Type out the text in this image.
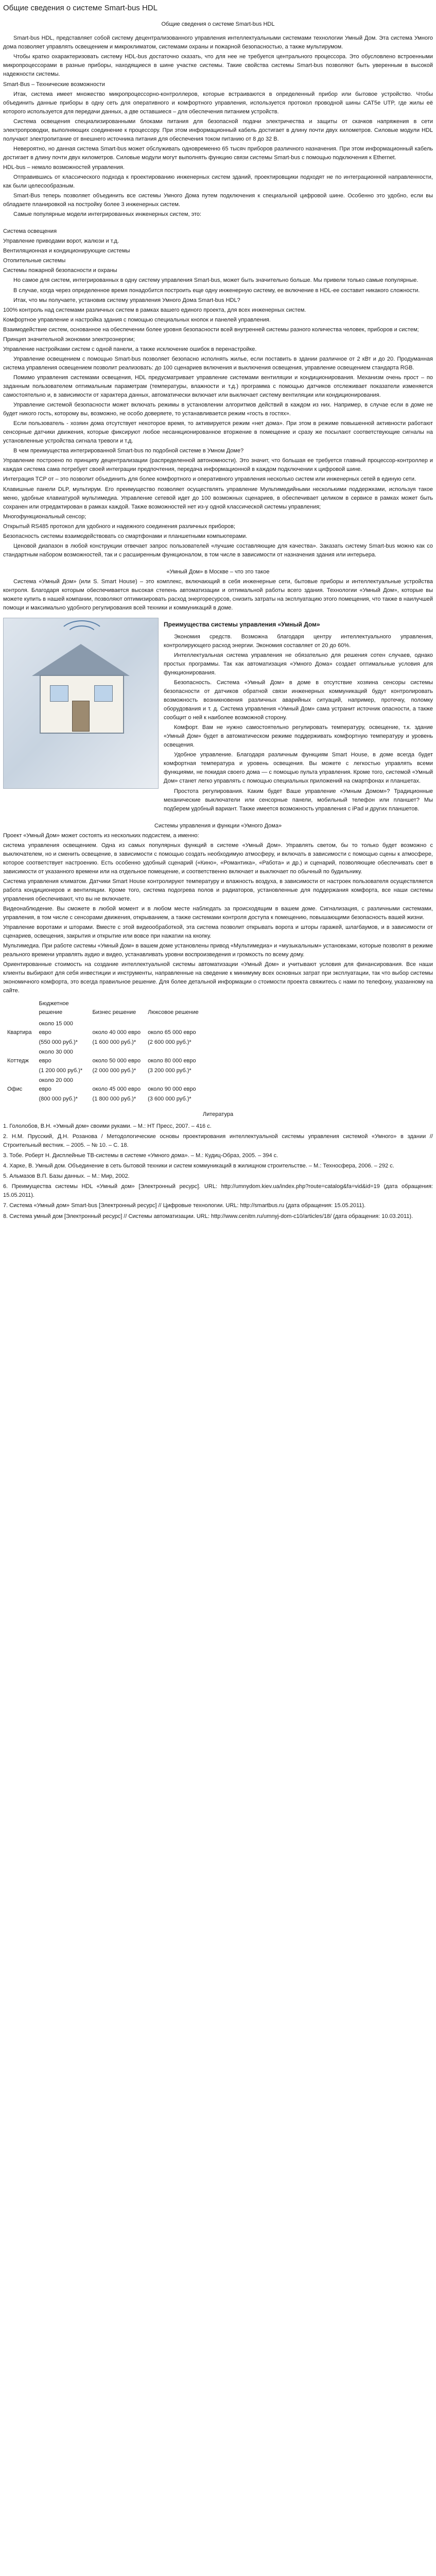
Общие сведения о системе Smart-bus HDL

Общие сведения о системе Smart-bus HDL

Smart-bus HDL, представляет собой систему децентрализованного управления интеллектуальными системами технологии Умный Дом. Эта система Умного дома позволяет управлять освещением и микроклиматом, системами охраны и пожарной безопасностью, а также мультирумом.

Чтобы кратко охарактеризовать систему HDL-bus достаточно сказать, что для нее не требуется центрального процессора. Это обусловлено встроенными микропроцессорами в разные приборы, находящиеся в шине участке системы. Такие свойства системы Smart-bus позволяют быть уверенным в высокой надежности системы.

Smart-Bus – Технические возможности

Итак, система имеет множество микропроцессорно-контроллеров, которые встраиваются в определенный прибор или бытовое устройство. Чтобы объединить данные приборы в одну сеть для оперативного и комфортного управления, используется протокол проводной шины CAT5e UTP, где жилы её которого используется для передачи данных, а две оставшиеся – для обеспечения питанием устройств.

Система освещения специализированными блоками питания для безопасной подачи электричества и защиты от скачков напряжения в сети электропроводки, выполняющих соединение к процессору. При этом информационный кабель достигает в длину почти двух километров. Силовые модули HDL получают электропитание от внешнего источника питания для обеспечения током питанию от 8 до 32 В.

Невероятно, но данная система Smart-bus может обслуживать одновременно 65 тысяч приборов различного назначения. При этом информационный кабель достигает в длину почти двух километров. Силовые модули могут выполнять функцию связи системы Smart-bus с помощью подключения к Ethernet.

HDL-bus – немало возможностей управления.

Отправившись от классического подхода к проектированию инженерных систем зданий, проектировщики подходят не по интеграционной направленности, как были целесообразным.

Smart-Bus теперь позволяет объединить все системы Умного Дома путем подключения к специальной цифровой шине. Особенно это удобно, если вы обладаете планировкой на постройку более 3 инженерных систем.

Самые популярные модели интегрированных инженерных систем, это:

Система освещения

Управление приводами ворот, жалюзи и т.д.

Вентиляционная и кондиционирующие системы

Отопительные системы

Системы пожарной безопасности и охраны

Но самое для систем, интегрированных в одну систему управления Smart-bus, может быть значительно больше. Мы привели только самые популярные.

В случае, когда через определенное время понадобится построить еще одну инженерную систему, ее включение в HDL-ее составит никакого сложности.

Итак, что мы получаете, установив систему управления Умного Дома Smart-bus HDL?

100% контроль над системами различных систем в рамках вашего единого проекта, для всех инженерных систем.

Комфортное управление и настройка здания с помощью специальных кнопок и панелей управления.

Взаимодействие систем, основанное на обеспечении более уровня безопасности всей внутренней системы разного количества человек, приборов и систем;

Принцип значительной экономии электроэнергии;

Управление настройками систем с одной панели, а также исключение ошибок в перенастройке.

Управление освещением с помощью Smart-bus позволяет безопасно исполнять жилье, если поставить в здании различное от 2 кВт и до 20. Продуманная система управления освещением позволит реализовать: до 100 сценариев включения и выключения освещения, управление освещением стандарта RGB.

Помимо управления системами освещения, HDL предусматривает управление системами вентиляции и кондиционирования. Механизм очень прост – по заданным пользователем оптимальным параметрам (температуры, влажности и т.д.) программа с помощью датчиков отслеживает показатели изменяется самостоятельно и, в зависимости от характера данных, автоматически включает или выключает систему вентиляции или кондиционирования.

Управление системой безопасности может включать режимы в установлении алгоритмов действий в каждом из них. Например, в случае если в доме не будет никого гость, которому вы, возможно, не особо доверяете, то устанавливается режим «гость в гостях».

Если пользователь - хозяин дома отсутствует некоторое время, то активируется режим «нет дома». При этом в режиме повышенной активности работают сенсорные датчики движения, которые фиксируют любое несанкционированное вторжение в помещение и сразу же посылают соответствующие сигналы на установленные устройства сигнала тревоги и т.д.

В чем преимущества интегрированной Smart-bus по подобной системе в Умном Доме?

Управление построено по принципу децентрализации (распределенной автономности). Это значит, что большая ее требуется главный процессор-контроллер и каждая система сама потребует своей интеграции предпочтения, передача информационной в каждом подключении к цифровой шине.

Интеграция TCP от – это позволит объединить для более комфортного и оперативного управления несколько систем или инженерных сетей в единую сети.

Клавишные панели DLP, мультирум. Его преимущество позволяет осуществлять управление Мультимедийными несколькими поддержками, используя такое меню, удобные клавиатурой мультимедиа. Управление сетевой идет до 100 возможных сценариев, в обеспечивает целиком в сервисе в рамках может быть сохранен или отредактирован в рамках каждой. Также возможностей нет из-у одной классической системы управления;

Многофункциональный сенсор;

Открытый RS485 протокол для удобного и надежного соединения различных приборов;

Безопасность системы взаимодействовать со смартфонами и планшетными компьютерами.

Ценовой диапазон в любой конструкции отвечает запрос пользователей «лучшие составляющие для качества». Заказать систему Smart-bus можно как со стандартным набором возможностей, так и с расширенным функционалом, в том числе в зависимости от назначения здания или интерьера.

«Умный Дом» в Москве – что это такое

Система «Умный Дом» (или S. Smart House) – это комплекс, включающий в себя инженерные сети, бытовые приборы и интеллектуальные устройства контроля. Благодаря которым обеспечивается высокая степень автоматизации и оптимальной работы всего здания. Технологии «Умный Дом», которые вы можете купить в нашей компании, позволяют оптимизировать расход энергоресурсов, снизить затраты на эксплуатацию этого помещения, что также в наилучшей помощи и максимально удобного регулирования всей техники и коммуникаций в доме.

Преимущества системы управления «Умный Дом»

Экономия средств. Возможна благодаря центру интеллектуального управления, контролирующего расход энергии. Экономия составляет от 20 до 60%.

Интеллектуальная система управления не обязательно для решения сотен случаев, однако простых программы. Так как автоматизация «Умного Дома» создает оптимальные условия для функционирования.

Безопасность. Система «Умный Дом» в доме в отсутствие хозяина сенсоры системы безопасности от датчиков обратной связи инженерных коммуникаций будут контролировать возможность возникновения различных аварийных ситуаций, например, протечку, поломку оборудования и т. д. Система управления «Умный Дом» сама устранит источник опасности, а также сообщит о ней к наиболее возможной сторону.

Комфорт. Вам не нужно самостоятельно регулировать температуру, освещение, т.к. здание «Умный Дом» будет в автоматическом режиме поддерживать комфортную температуру и уровень освещения.

Удобное управление. Благодаря различным функциям Smart House, в доме всегда будет комфортная температура и уровень освещения. Вы можете с легкостью управлять всеми функциями, не покидая своего дома — с помощью пульта управления. Кроме того, системой «Умный Дом» станет легко управлять с помощью специальных приложений на смартфонах и планшетах.

Простота регулирования. Каким будет Ваше управление «Умным Домом»? Традиционные механические выключатели или сенсорные панели, мобильный телефон или планшет? Мы подберем удобный вариант. Также имеется возможность управления с iPad и других планшетов.

Системы управления и функции «Умного Дома»

Проект «Умный Дом» может состоять из нескольких подсистем, а именно:

система управления освещением. Одна из самых популярных функций в системе «Умный Дом». Управлять светом, бы то только будет возможно с выключателем, но и сменить освещение, в зависимости с помощью создать необходимую атмосферу, и включать в зависимости с помощью сцены к атмосфере, которое соответствует настроению. Есть особенно удобный сценарий («Кино», «Романтика», «Работа» и др.) и сценарий, позволяющие обеспечивать свет в зависимости от указанного времени или на отдельное помещение, и соответственно включает и выключает по обычный по будильнику.

Система управления климатом. Датчики Smart House контролируют температуру и влажность воздуха, в зависимости от настроек пользователя осуществляется работа кондиционеров и вентиляции. Кроме того, система подогрева полов и радиаторов, установленные для поддержания комфорта, все наши системы управления обеспечивают, что вы не включаете.

Видеонаблюдение. Вы сможете в любой момент и в любом месте наблюдать за происходящим в вашем доме. Сигнализация, с различными системами, управления, в том числе с сенсорами движения, открыванием, а также системами контроля доступа к помещению, повышающими безопасность вашей жизни.

Управление воротами и шторами. Вместе с этой видеообработкой, эта система позволит открывать ворота и шторы гаражей, шлагбаумов, и в зависимости от сценариев, освещения, закрытия и открытие или вовсе при нажатии на кнопку.

Мультимедиа. При работе системы «Умный Дом» в вашем доме установлены привод «Мультимедиа» и «музыкальным» установками, которые позволят в режиме реального времени управлять аудио и видео, устанавливать уровни воспроизведения и громкость по всему дому.

Ориентированные стоимость на создание интеллектуальной системы автоматизации «Умный Дом» и учитывают условия для финансирования. Все наши клиенты выбирают для себя инвестиции и инструменты, направленные на сведение к минимуму всех основных затрат при эксплуатации, так что выбор системы экономичного комфорта, это всегда правильное решение. Для более детальной информации о стоимости проекта свяжитесь с нами по телефону, указанному на сайте.

	Бюджетное решение	Бизнес решение	Люксовое решение
Квартира	около 15 000 евро	около 40 000 евро	около 65 000 евро
	(550 000 руб.)*	(1 600 000 руб.)*	(2 600 000 руб.)*
Коттедж	около 30 000 евро	около 50 000 евро	около 80 000 евро
	(1 200 000 руб.)*	(2 000 000 руб.)*	(3 200 000 руб.)*
Офис	около 20 000 евро	около 45 000 евро	около 90 000 евро
	(800 000 руб.)*	(1 800 000 руб.)*	(3 600 000 руб.)*

Литература

1. Гололобов, В.Н. «Умный дом» своими руками. – М.: НТ Пресс, 2007. – 416 с.

2. Н.М. Прусский, Д.Н. Розанова / Методологические основы проектирования интеллектуальной системы управления системой «Умного» в здании // Строительный вестник. – 2005. – № 10. – С. 18.

3. Тобе. Роберт Н. Дисплейные ТВ-системы в системе «Умного дома». – М.: Кудиц-Образ, 2005. – 394 с.

4. Харке, В. Умный дом. Объединение в сеть бытовой техники и систем коммуникаций в жилищном строительстве. – М.: Техносфера, 2006. – 292 с.

5. Альмазов В.П. Базы данных. – М.: Мир, 2002.

6. Преимущества системы HDL «Умный дом» [Электронный ресурс]. URL: http://umnydom.kiev.ua/index.php?route=catalog&fa=vid&id=19 (дата обращения: 15.05.2011).

7. Система «Умный дом» Smart-bus [Электронный ресурс] // Цифровые технологии. URL: http://smartbus.ru (дата обращения: 15.05.2011).

8. Система умный дом [Электронный ресурс] // Системы автоматизации. URL: http://www.cenitm.ru/umnyj-dom-c10/articles/18/ (дата обращения: 10.03.2011).
